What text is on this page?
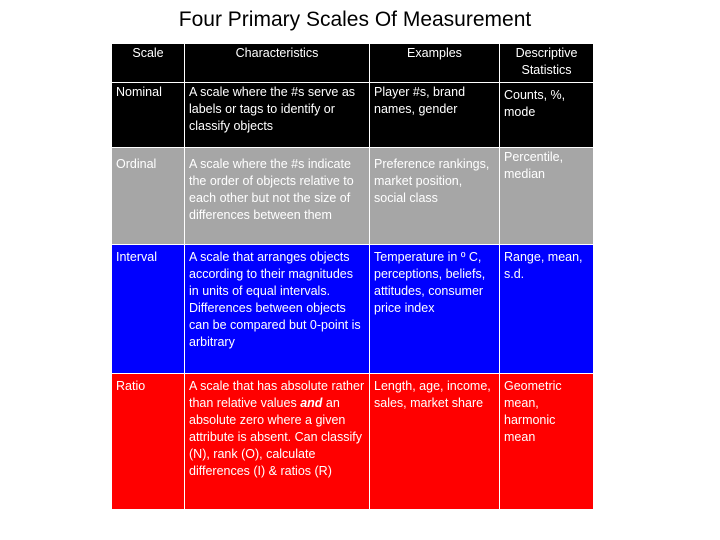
Four Primary Scales Of Measurement
Scale	Characteristics	Examples	Descriptive Statistics
Nominal	A scale where the #s serve as labels or tags to identify or classify objects	Player #s, brand names, gender	Counts, %, mode
Ordinal	A scale where the #s indicate the order of objects relative to each other but not the size of differences between them	Preference rankings, market position, social class	Percentile, median
Interval	A scale that arranges objects according to their magnitudes in units of equal intervals. Differences between objects can be compared but 0-point is arbitrary	Temperature in º C, perceptions, beliefs, attitudes, consumer price index	Range, mean, s.d.
Ratio	A scale that has absolute rather than relative values and an absolute zero where a given attribute is absent. Can classify (N), rank (O), calculate differences (I) & ratios (R)	Length, age, income, sales, market share	Geometric mean, harmonic mean
